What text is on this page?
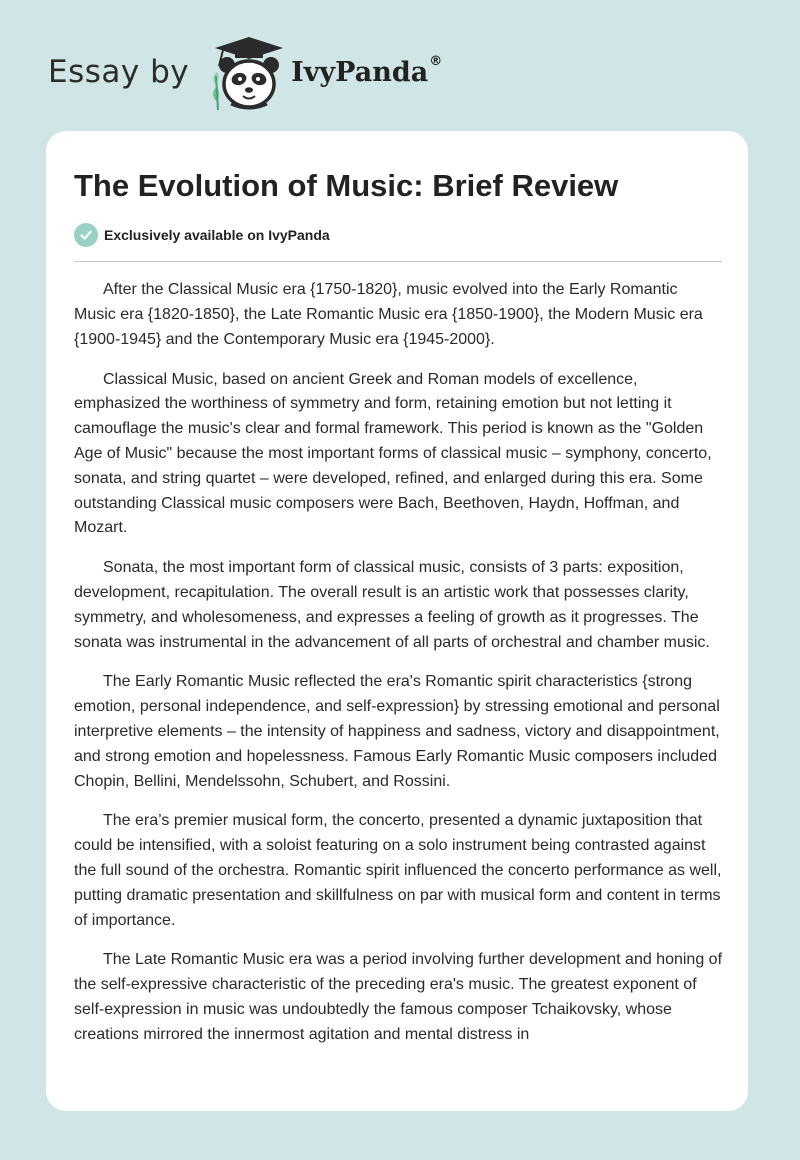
Essay by	IvyPanda®
The Evolution of Music: Brief Review
Exclusively available on IvyPanda

After the Classical Music era {1750-1820}, music evolved into the Early Romantic Music era {1820-1850}, the Late Romantic Music era {1850-1900}, the Modern Music era {1900-1945} and the Contemporary Music era {1945-2000}.

Classical Music, based on ancient Greek and Roman models of excellence, emphasized the worthiness of symmetry and form, retaining emotion but not letting it camouflage the music's clear and formal framework. This period is known as the "Golden Age of Music" because the most important forms of classical music – symphony, concerto, sonata, and string quartet – were developed, refined, and enlarged during this era. Some outstanding Classical music composers were Bach, Beethoven, Haydn, Hoffman, and Mozart.

Sonata, the most important form of classical music, consists of 3 parts: exposition, development, recapitulation. The overall result is an artistic work that possesses clarity, symmetry, and wholesomeness, and expresses a feeling of growth as it progresses. The sonata was instrumental in the advancement of all parts of orchestral and chamber music.

The Early Romantic Music reflected the era's Romantic spirit characteristics {strong emotion, personal independence, and self-expression} by stressing emotional and personal interpretive elements – the intensity of happiness and sadness, victory and disappointment, and strong emotion and hopelessness. Famous Early Romantic Music composers included Chopin, Bellini, Mendelssohn, Schubert, and Rossini.

The era’s premier musical form, the concerto, presented a dynamic juxtaposition that could be intensified, with a soloist featuring on a solo instrument being contrasted against the full sound of the orchestra. Romantic spirit influenced the concerto performance as well, putting dramatic presentation and skillfulness on par with musical form and content in terms of importance.

The Late Romantic Music era was a period involving further development and honing of the self-expressive characteristic of the preceding era's music. The greatest exponent of self-expression in music was undoubtedly the famous composer Tchaikovsky, whose creations mirrored the innermost agitation and mental distress in
